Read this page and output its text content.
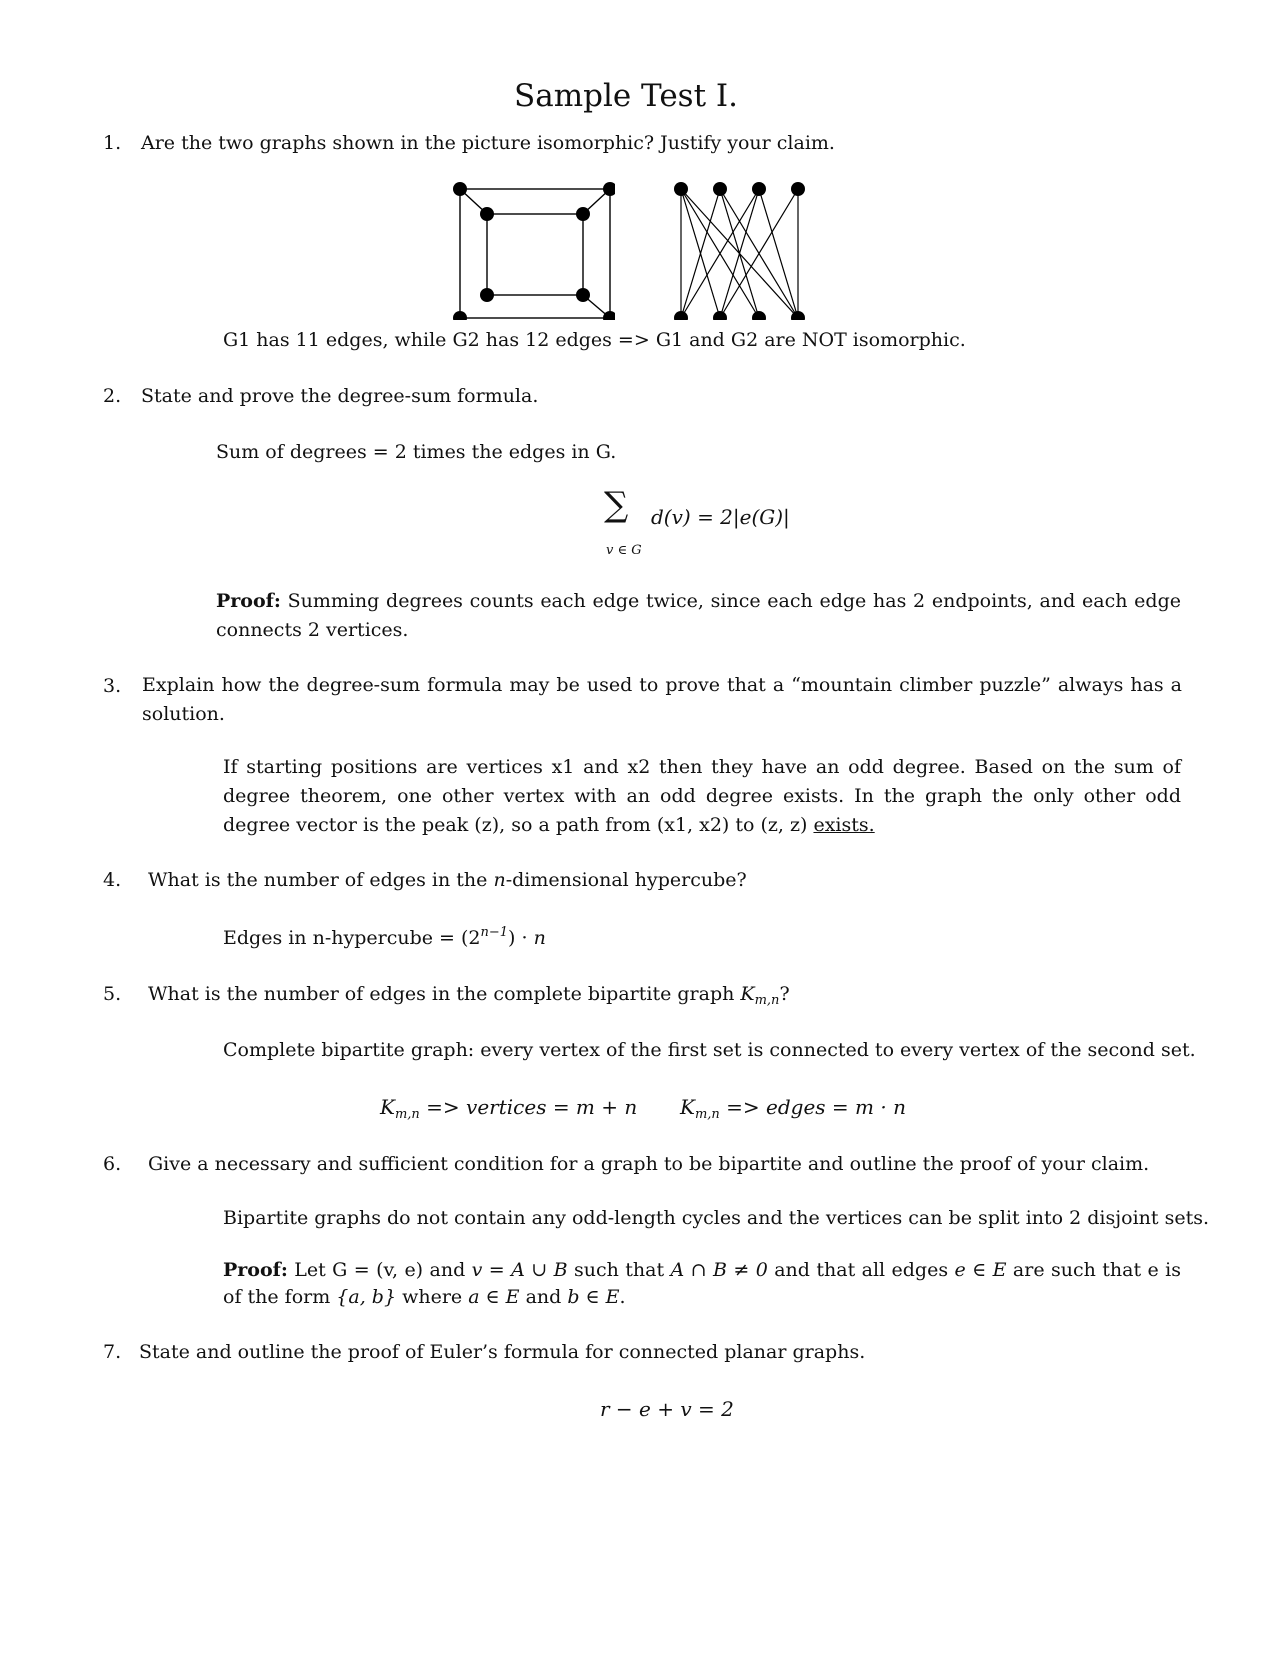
Sample Test I.
1. Are the two graphs shown in the picture isomorphic? Justify your claim.
G1 has 11 edges, while G2 has 12 edges => G1 and G2 are NOT isomorphic.
2. State and prove the degree-sum formula.
Sum of degrees = 2 times the edges in G.
∑ d(v) = 2|e(G)|
v ∈ G
Proof: Summing degrees counts each edge twice, since each edge has 2 endpoints, and each edge connects 2 vertices.
3. Explain how the degree-sum formula may be used to prove that a “mountain climber puzzle” always has a solution.
If starting positions are vertices x1 and x2 then they have an odd degree. Based on the sum of degree theorem, one other vertex with an odd degree exists. In the graph the only other odd degree vector is the peak (z), so a path from (x1, x2) to (z, z) exists.
4. What is the number of edges in the n-dimensional hypercube?
Edges in n-hypercube = $(2^{n-1}) \cdot n$
5. What is the number of edges in the complete bipartite graph $K_{m,n}$?
Complete bipartite graph: every vertex of the first set is connected to every vertex of the second set.
$K_{m,n}$ => vertices = m + n $K_{m,n}$ => edges = m · n
6. Give a necessary and sufficient condition for a graph to be bipartite and outline the proof of your claim.
Bipartite graphs do not contain any odd-length cycles and the vertices can be split into 2 disjoint sets.
Proof: Let G = (v, e) and v = A ∪ B such that A ∩ B ≠ 0 and that all edges e ∈ E are such that e is of the form {a, b} where a ∈ E and b ∈ E.
7. State and outline the proof of Euler’s formula for connected planar graphs.
r − e + v = 2
